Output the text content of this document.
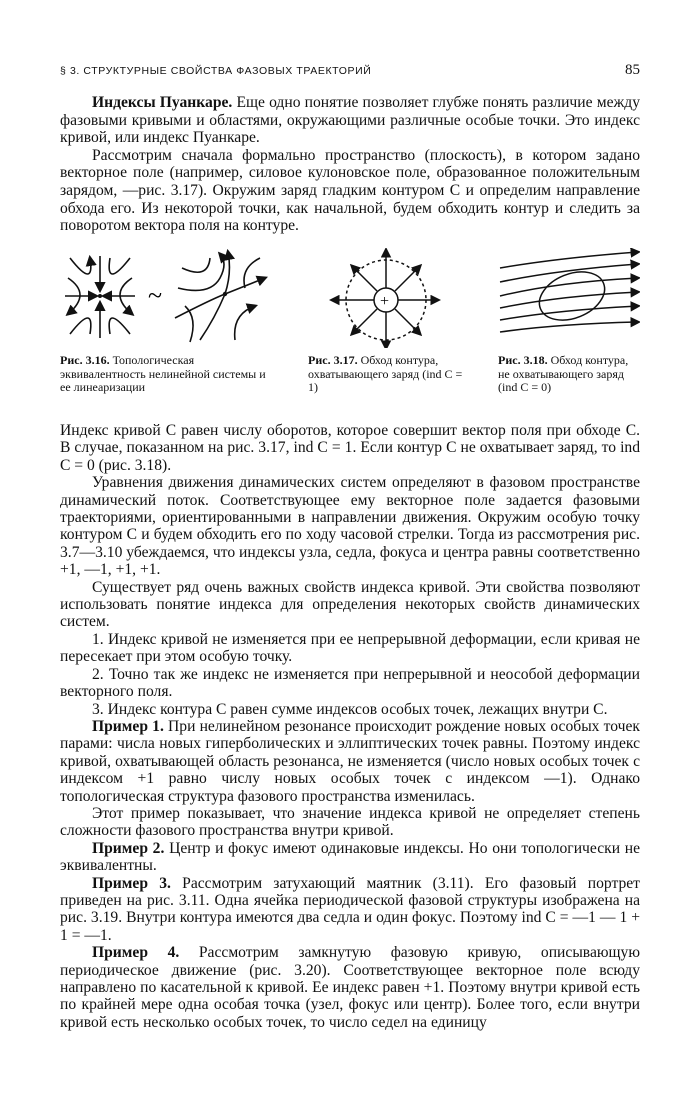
§ 3. СТРУКТУРНЫЕ СВОЙСТВА ФАЗОВЫХ ТРАЕКТОРИЙ	85

Индексы Пуанкаре. Еще одно понятие позволяет глубже понять различие между фазовыми кривыми и областями, окружающими различные особые точки. Это индекс кривой, или индекс Пуанкаре.

Рассмотрим сначала формально пространство (плоскость), в котором задано векторное поле (например, силовое кулоновское поле, образованное положительным зарядом, —рис. 3.17). Окружим заряд гладким контуром C и определим направление обхода его. Из некоторой точки, как начальной, будем обходить контур и следить за поворотом вектора поля на контуре.

~
Рис. 3.16. Топологическая эквивалентность нелинейной системы и ее линеаризации
+
Рис. 3.17. Обход контура, охватывающего заряд (ind C = 1)
Рис. 3.18. Обход контура, не охватывающего заряд (ind C = 0)

Индекс кривой C равен числу оборотов, которое совершит вектор поля при обходе C. В случае, показанном на рис. 3.17, ind C = 1. Если контур C не охватывает заряд, то ind C = 0 (рис. 3.18).

Уравнения движения динамических систем определяют в фазовом пространстве динамический поток. Соответствующее ему векторное поле задается фазовыми траекториями, ориентированными в направлении движения. Окружим особую точку контуром C и будем обходить его по ходу часовой стрелки. Тогда из рассмотрения рис. 3.7—3.10 убеждаемся, что индексы узла, седла, фокуса и центра равны соответственно +1, —1, +1, +1.

Существует ряд очень важных свойств индекса кривой. Эти свойства позволяют использовать понятие индекса для определения некоторых свойств динамических систем.

1. Индекс кривой не изменяется при ее непрерывной деформации, если кривая не пересекает при этом особую точку.

2. Точно так же индекс не изменяется при непрерывной и неособой деформации векторного поля.

3. Индекс контура C равен сумме индексов особых точек, лежащих внутри C.

Пример 1. При нелинейном резонансе происходит рождение новых особых точек парами: числа новых гиперболических и эллиптических точек равны. Поэтому индекс кривой, охватывающей область резонанса, не изменяется (число новых особых точек с индексом +1 равно числу новых особых точек с индексом —1). Однако топологическая структура фазового пространства изменилась.

Этот пример показывает, что значение индекса кривой не определяет степень сложности фазового пространства внутри кривой.

Пример 2. Центр и фокус имеют одинаковые индексы. Но они топологически не эквивалентны.

Пример 3. Рассмотрим затухающий маятник (3.11). Его фазовый портрет приведен на рис. 3.11. Одна ячейка периодической фазовой структуры изображена на рис. 3.19. Внутри контура имеются два седла и один фокус. Поэтому ind C = —1 — 1 + 1 = —1.

Пример 4. Рассмотрим замкнутую фазовую кривую, описывающую периодическое движение (рис. 3.20). Соответствующее векторное поле всюду направлено по касательной к кривой. Ее индекс равен +1. Поэтому внутри кривой есть по крайней мере одна особая точка (узел, фокус или центр). Более того, если внутри кривой есть несколько особых точек, то число седел на единицу
